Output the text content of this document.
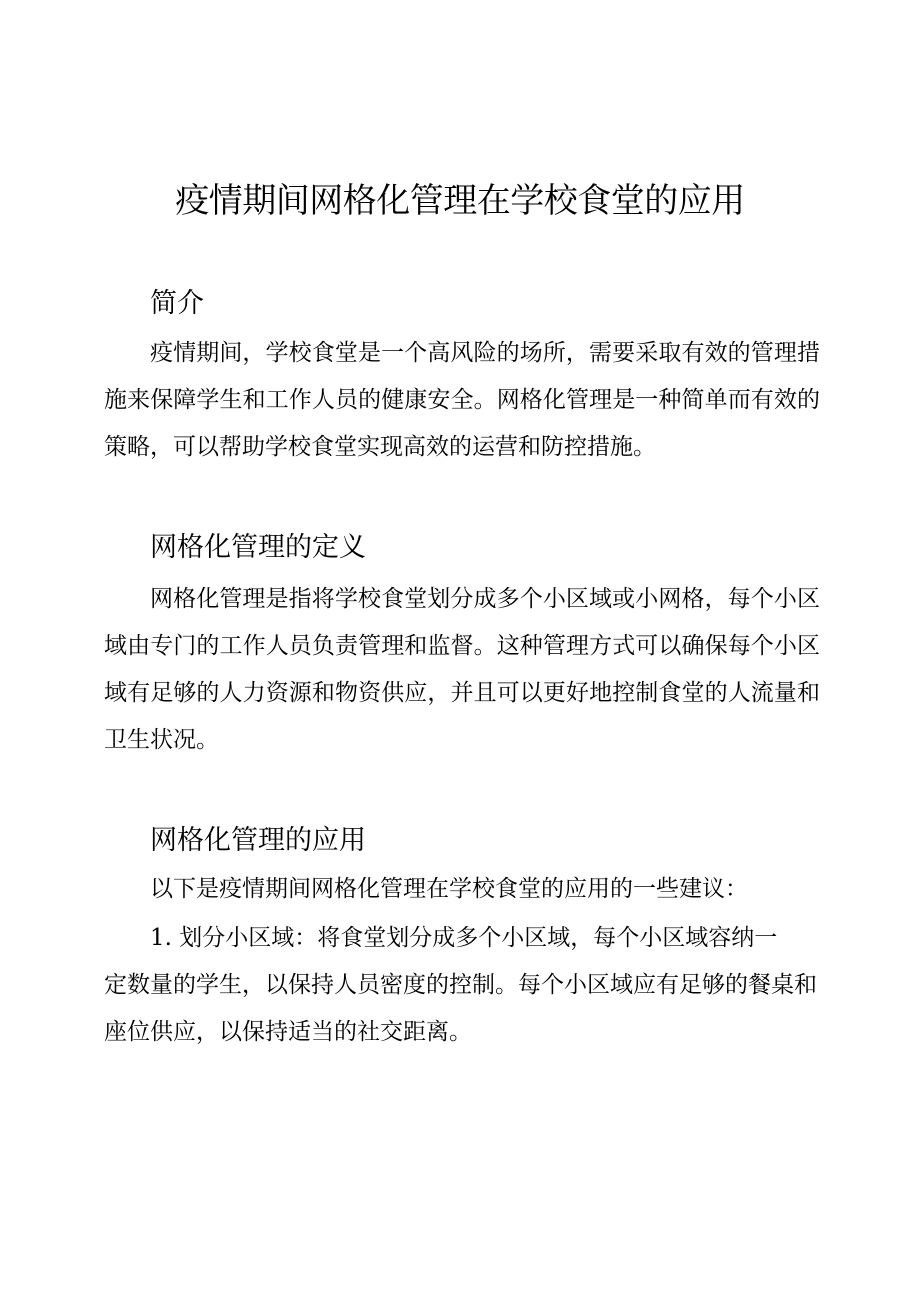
疫情期间网格化管理在学校食堂的应用
简介

疫情期间，学校食堂是一个高风险的场所，需要采取有效的管理措施来保障学生和工作人员的健康安全。网格化管理是一种简单而有效的策略，可以帮助学校食堂实现高效的运营和防控措施。

网格化管理的定义

网格化管理是指将学校食堂划分成多个小区域或小网格，每个小区域由专门的工作人员负责管理和监督。这种管理方式可以确保每个小区域有足够的人力资源和物资供应，并且可以更好地控制食堂的人流量和卫生状况。

网格化管理的应用

以下是疫情期间网格化管理在学校食堂的应用的一些建议：

1. 划分小区域：将食堂划分成多个小区域，每个小区域容纳一

定数量的学生，以保持人员密度的控制。每个小区域应有足够的餐桌和座位供应，以保持适当的社交距离。
